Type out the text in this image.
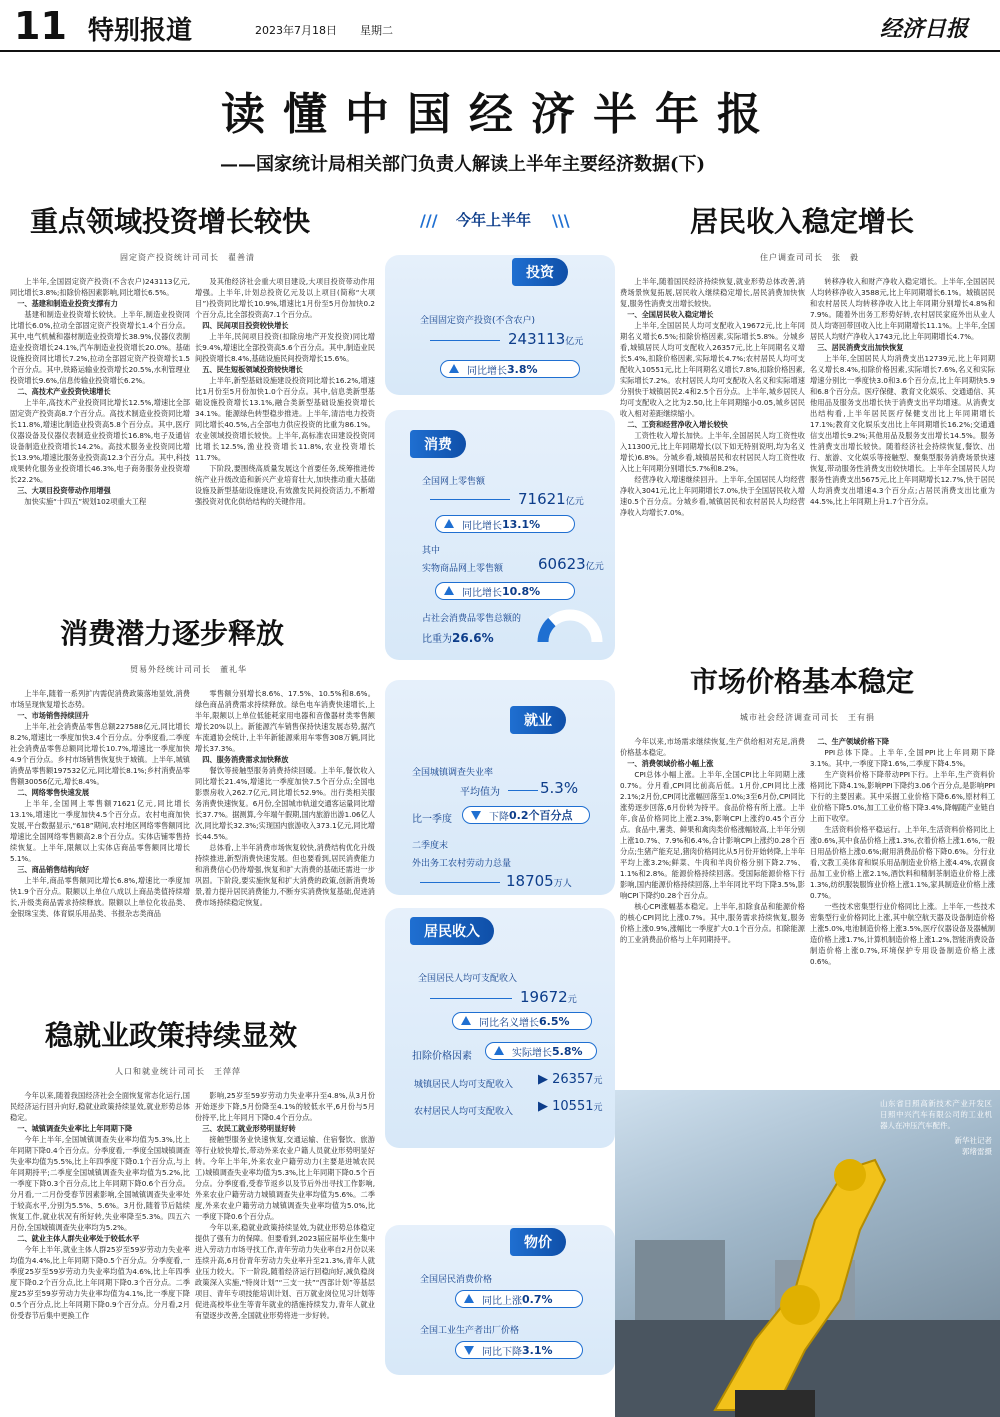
11 特别报道	2023年7月18日 星期二	经济日报
读懂中国经济半年报
——国家统计局相关部门负责人解读上半年主要经济数据(下)
/// 今年上半年 \\\
重点领域投资增长较快
固定资产投资统计司司长　翟善清

上半年,全国固定资产投资(不含农户)243113亿元,同比增长3.8%;扣除价格因素影响,同比增长6.5%。

一、基建和制造业投资支撑有力

基建和制造业投资增长较快。上半年,制造业投资同比增长6.0%,拉动全部固定资产投资增长1.4个百分点。其中,电气机械和器材制造业投资增长38.9%,仪器仪表制造业投资增长24.1%,汽车制造业投资增长20.0%。基础设施投资同比增长7.2%,拉动全部固定资产投资增长1.5个百分点。其中,铁路运输业投资增长20.5%,水利管理业投资增长9.6%,信息传输业投资增长6.2%。

二、高技术产业投资快速增长

上半年,高技术产业投资同比增长12.5%,增速比全部固定资产投资高8.7个百分点。高技术制造业投资同比增长11.8%,增速比制造业投资高5.8个百分点。其中,医疗仪器设备及仪器仪表制造业投资增长16.8%,电子及通信设备制造业投资增长14.2%。高技术服务业投资同比增长13.9%,增速比服务业投资高12.3个百分点。其中,科技成果转化服务业投资增长46.3%,电子商务服务业投资增长22.2%。

三、大项目投资带动作用增强

加快实施“十四五”规划102项重大工程

及其他经济社会重大项目建设,大项目投资带动作用增强。上半年,计划总投资亿元及以上项目(简称“大项目”)投资同比增长10.9%,增速比1月份至5月份加快0.2个百分点,比全部投资高7.1个百分点。

四、民间项目投资较快增长

上半年,民间项目投资(扣除房地产开发投资)同比增长9.4%,增速比全部投资高5.6个百分点。其中,制造业民间投资增长8.4%,基础设施民间投资增长15.6%。

五、民生短板领域投资较快增长

上半年,新型基础设施建设投资同比增长16.2%,增速比1月份至5月份加快1.0个百分点。其中,信息类新型基础设施投资增长13.1%,融合类新型基础设施投资增长34.1%。能源绿色转型稳步推进。上半年,清洁电力投资同比增长40.5%,占全部电力供应投资的比重为86.1%。农业领域投资增长较快。上半年,高标准农田建设投资同比增长12.5%,渔业投资增长11.8%,农业投资增长11.7%。

下阶段,要围绕高质量发展这个首要任务,统筹推进传统产业升级改造和新兴产业培育壮大,加快推动重大基础设施及新型基础设施建设,有效激发民间投资活力,不断增强投资对优化供给结构的关键作用。

消费潜力逐步释放
贸易外经统计司司长　董礼华

上半年,随着一系列扩内需促消费政策落地显效,消费市场呈现恢复增长态势。

一、市场销售持续回升

上半年,社会消费品零售总额227588亿元,同比增长8.2%,增速比一季度加快3.4个百分点。分季度看,二季度社会消费品零售总额同比增长10.7%,增速比一季度加快4.9个百分点。乡村市场销售恢复快于城镇。上半年,城镇消费品零售额197532亿元,同比增长8.1%;乡村消费品零售额30056亿元,增长8.4%。

二、网络零售快速发展

上半年,全国网上零售额71621亿元,同比增长13.1%,增速比一季度加快4.5个百分点。农村电商加快发展,平台数据显示,“618”期间,农村地区网络零售额同比增速比全国网络零售额高2.8个百分点。实体店铺零售持续恢复。上半年,限额以上实体店商品零售额同比增长5.1%。

三、商品销售结构向好

上半年,商品零售额同比增长6.8%,增速比一季度加快1.9个百分点。限额以上单位八成以上商品类值持续增长,升级类商品需求持续释放。限额以上单位化妆品类、金银珠宝类、体育娱乐用品类、书报杂志类商品

零售额分别增长8.6%、17.5%、10.5%和8.6%。绿色商品消费需求持续释放。绿色电车消费快速增长,上半年,限额以上单位低能耗家用电器和音像器材类零售额增长20%以上。新能源汽车销售保持快速发展态势,据汽车流通协会统计,上半年新能源乘用车零售308万辆,同比增长37.3%。

四、服务消费需求加快释放

餐饮等接触型服务消费持续回暖。上半年,餐饮收入同比增长21.4%,增速比一季度加快7.5个百分点;全国电影票房收入262.7亿元,同比增长52.9%。出行类相关服务消费快速恢复。6月份,全国城市轨道交通客运量同比增长37.7%。据测算,今年端午假期,国内旅游出游1.06亿人次,同比增长32.3%;实现国内旅游收入373.1亿元,同比增长44.5%。

总体看,上半年消费市场恢复较快,消费结构优化升级持续推进,新型消费快速发展。但也要看到,居民消费能力和消费信心仍待增强,恢复和扩大消费的基础还需进一步巩固。下阶段,要实施恢复和扩大消费的政策,创新消费场景,着力提升居民消费能力,不断夯实消费恢复基础,促进消费市场持续稳定恢复。

稳就业政策持续显效
人口和就业统计司司长　王萍萍

今年以来,随着我国经济社会全面恢复常态化运行,国民经济运行回升向好,稳就业政策持续显效,就业形势总体稳定。

一、城镇调查失业率比上年同期下降

今年上半年,全国城镇调查失业率均值为5.3%,比上年同期下降0.4个百分点。分季度看,一季度全国城镇调查失业率均值为5.5%,比上年四季度下降0.1个百分点,与上年同期持平;二季度全国城镇调查失业率均值为5.2%,比一季度下降0.3个百分点,比上年同期下降0.6个百分点。分月看,一二月份受春节因素影响,全国城镇调查失业率处于较高水平,分别为5.5%、5.6%。3月份,随着节后陆续恢复工作,就业状况有所好转,失业率降至5.3%。四五六月份,全国城镇调查失业率均为5.2%。

二、就业主体人群失业率处于较低水平

今年上半年,就业主体人群25岁至59岁劳动力失业率均值为4.4%,比上年同期下降0.5个百分点。分季度看,一季度25岁至59岁劳动力失业率均值为4.6%,比上年四季度下降0.2个百分点,比上年同期下降0.3个百分点。二季度25岁至59岁劳动力失业率均值为4.1%,比一季度下降0.5个百分点,比上年同期下降0.9个百分点。分月看,2月份受春节后集中更换工作

影响,25岁至59岁劳动力失业率升至4.8%,从3月份开始逐步下降,5月份降至4.1%的较低水平,6月份与5月份持平,比上年同月下降0.4个百分点。

三、农民工就业形势明显好转

接触型服务业快速恢复,交通运输、住宿餐饮、旅游等行业较快增长,带动外来农业户籍人员就业形势明显好转。今年上半年,外来农业户籍劳动力(主要是进城农民工)城镇调查失业率均值为5.3%,比上年同期下降0.5个百分点。分季度看,受春节返乡以及节后外出寻找工作影响,外来农业户籍劳动力城镇调查失业率均值为5.6%。二季度,外来农业户籍劳动力城镇调查失业率均值为5.0%,比一季度下降0.6个百分点。

今年以来,稳就业政策持续显效,为就业形势总体稳定提供了强有力的保障。但要看到,2023届应届毕业生集中进入劳动力市场寻找工作,青年劳动力失业率自2月份以来连续升高,6月份青年劳动力失业率升至21.3%,青年人就业压力较大。下一阶段,随着经济运行回稳向好,减负稳岗政策深入实施,“特岗计划”“三支一扶”“西部计划”等基层项目、青年专项技能培训计划、百万就业岗位见习计划等促进高校毕业生等青年就业的措施持续发力,青年人就业有望逐步改善,全国就业形势将进一步好转。

居民收入稳定增长
住户调查司司长　张　毅

上半年,随着国民经济持续恢复,就业形势总体改善,消费场景恢复拓展,居民收入继续稳定增长,居民消费加快恢复,服务性消费支出增长较快。

一、全国居民收入稳定增长

上半年,全国居民人均可支配收入19672元,比上年同期名义增长6.5%;扣除价格因素,实际增长5.8%。分城乡看,城镇居民人均可支配收入26357元,比上年同期名义增长5.4%,扣除价格因素,实际增长4.7%;农村居民人均可支配收入10551元,比上年同期名义增长7.8%,扣除价格因素,实际增长7.2%。农村居民人均可支配收入名义和实际增速分别快于城镇居民2.4和2.5个百分点。上半年,城乡居民人均可支配收入之比为2.50,比上年同期缩小0.05,城乡居民收入相对差距继续缩小。

二、工资和经营净收入增长较快

工资性收入增长加快。上半年,全国居民人均工资性收入11300元,比上年同期增长(以下如无特别说明,均为名义增长)6.8%。分城乡看,城镇居民和农村居民人均工资性收入比上年同期分别增长5.7%和8.2%。

经营净收入增速继续回升。上半年,全国居民人均经营净收入3041元,比上年同期增长7.0%,快于全国居民收入增速0.5个百分点。分城乡看,城镇居民和农村居民人均经营净收入均增长7.0%。

转移净收入和财产净收入稳定增长。上半年,全国居民人均转移净收入3588元,比上年同期增长6.1%。城镇居民和农村居民人均转移净收入比上年同期分别增长4.8%和7.9%。随着外出务工形势好转,农村居民家庭外出从业人员人均寄回带回收入比上年同期增长11.1%。上半年,全国居民人均财产净收入1743元,比上年同期增长4.7%。

三、居民消费支出加快恢复

上半年,全国居民人均消费支出12739元,比上年同期名义增长8.4%,扣除价格因素,实际增长7.6%,名义和实际增速分别比一季度快3.0和3.6个百分点,比上年同期快5.9和6.8个百分点。医疗保健、教育文化娱乐、交通通信、其他用品及服务支出增长快于消费支出平均增速。从消费支出结构看,上半年居民医疗保健支出比上年同期增长17.1%;教育文化娱乐支出比上年同期增长16.2%;交通通信支出增长9.2%;其他用品及服务支出增长14.5%。服务性消费支出增长较快。随着经济社会持续恢复,餐饮、出行、旅游、文化娱乐等接触型、聚集型服务消费场景快速恢复,带动服务性消费支出较快增长。上半年全国居民人均服务性消费支出5675元,比上年同期增长12.7%,快于居民人均消费支出增速4.3个百分点;占居民消费支出比重为44.5%,比上年同期上升1.7个百分点。

市场价格基本稳定
城市社会经济调查司司长　王有捐

今年以来,市场需求继续恢复,生产供给相对充足,消费价格基本稳定。

一、消费领域价格小幅上涨

CPI总体小幅上涨。上半年,全国CPI比上年同期上涨0.7%。分月看,CPI同比前高后低。1月份,CPI同比上涨2.1%;2月份,CPI同比涨幅回落至1.0%;3至6月份,CPI同比涨势逐步回落,6月份转为持平。食品价格有所上涨。上半年,食品价格同比上涨2.3%,影响CPI上涨约0.45个百分点。食品中,薯类、鲜果和禽肉类价格涨幅较高,上半年分别上涨10.7%、7.9%和6.4%,合计影响CPI上涨约0.28个百分点;生猪产能充足,猪肉价格同比从5月份开始转降,上半年平均上涨3.2%;鲜菜、牛肉和羊肉价格分别下降2.7%、1.1%和2.8%。能源价格持续回落。受国际能源价格下行影响,国内能源价格持续回落,上半年同比平均下降3.5%,影响CPI下降约0.28个百分点。

核心CPI涨幅基本稳定。上半年,扣除食品和能源价格的核心CPI同比上涨0.7%。其中,服务需求持续恢复,服务价格上涨0.9%,涨幅比一季度扩大0.1个百分点。扣除能源的工业消费品价格与上年同期持平。

二、生产领域价格下降

PPI总体下降。上半年,全国PPI比上年同期下降3.1%。其中,一季度下降1.6%,二季度下降4.5%。

生产资料价格下降带动PPI下行。上半年,生产资料价格同比下降4.1%,影响PPI下降约3.06个百分点,是影响PPI下行的主要因素。其中采掘工业价格下降6.6%,原材料工业价格下降5.0%,加工工业价格下降3.4%,降幅随产业链自上而下收窄。

生活资料价格平稳运行。上半年,生活资料价格同比上涨0.6%,其中食品价格上涨1.3%,衣着价格上涨1.6%,一般日用品价格上涨0.6%;耐用消费品价格下降0.6%。分行业看,文教工美体育和娱乐用品制造业价格上涨4.4%,农副食品加工业价格上涨2.1%,酒饮料和精制茶制造业价格上涨1.3%,纺织服装服饰业价格上涨1.1%,家具制造业价格上涨0.7%。

一些技术密集型行业价格同比上涨。上半年,一些技术密集型行业价格同比上涨,其中航空航天器及设备制造价格上涨5.0%,电池制造价格上涨3.5%,医疗仪器设备及器械制造价格上涨1.7%,计算机制造价格上涨1.2%,智能消费设备制造价格上涨0.7%,环境保护专用设备制造价格上涨0.6%。

投资
全国固定资产投资(不含农户)
243113亿元
同比增长 3.8%
消费
全国网上零售额
71621亿元
同比增长 13.1%
其中
实物商品网上零售额 60623亿元
同比增长 10.8%
占社会消费品零售总额的
比重为26.6%
就业
全国城镇调查失业率
平均值为	5.3%
比一季度	下降 0.2个百分点
二季度末
外出务工农村劳动力总量
18705万人
居民收入
全国居民人均可支配收入
19672元
同比名义增长 6.5%
扣除价格因素	实际增长 5.8%
城镇居民人均可支配收入 ▶ 26357元
农村居民人均可支配收入 ▶ 10551元
物价
全国居民消费价格
同比上涨 0.7%
全国工业生产者出厂价格
同比下降 3.1%
山东省日照高新技术产业开发区日照中兴汽车有限公司的工业机器人在冲压汽车配件。

新华社记者
郭绪雷摄
